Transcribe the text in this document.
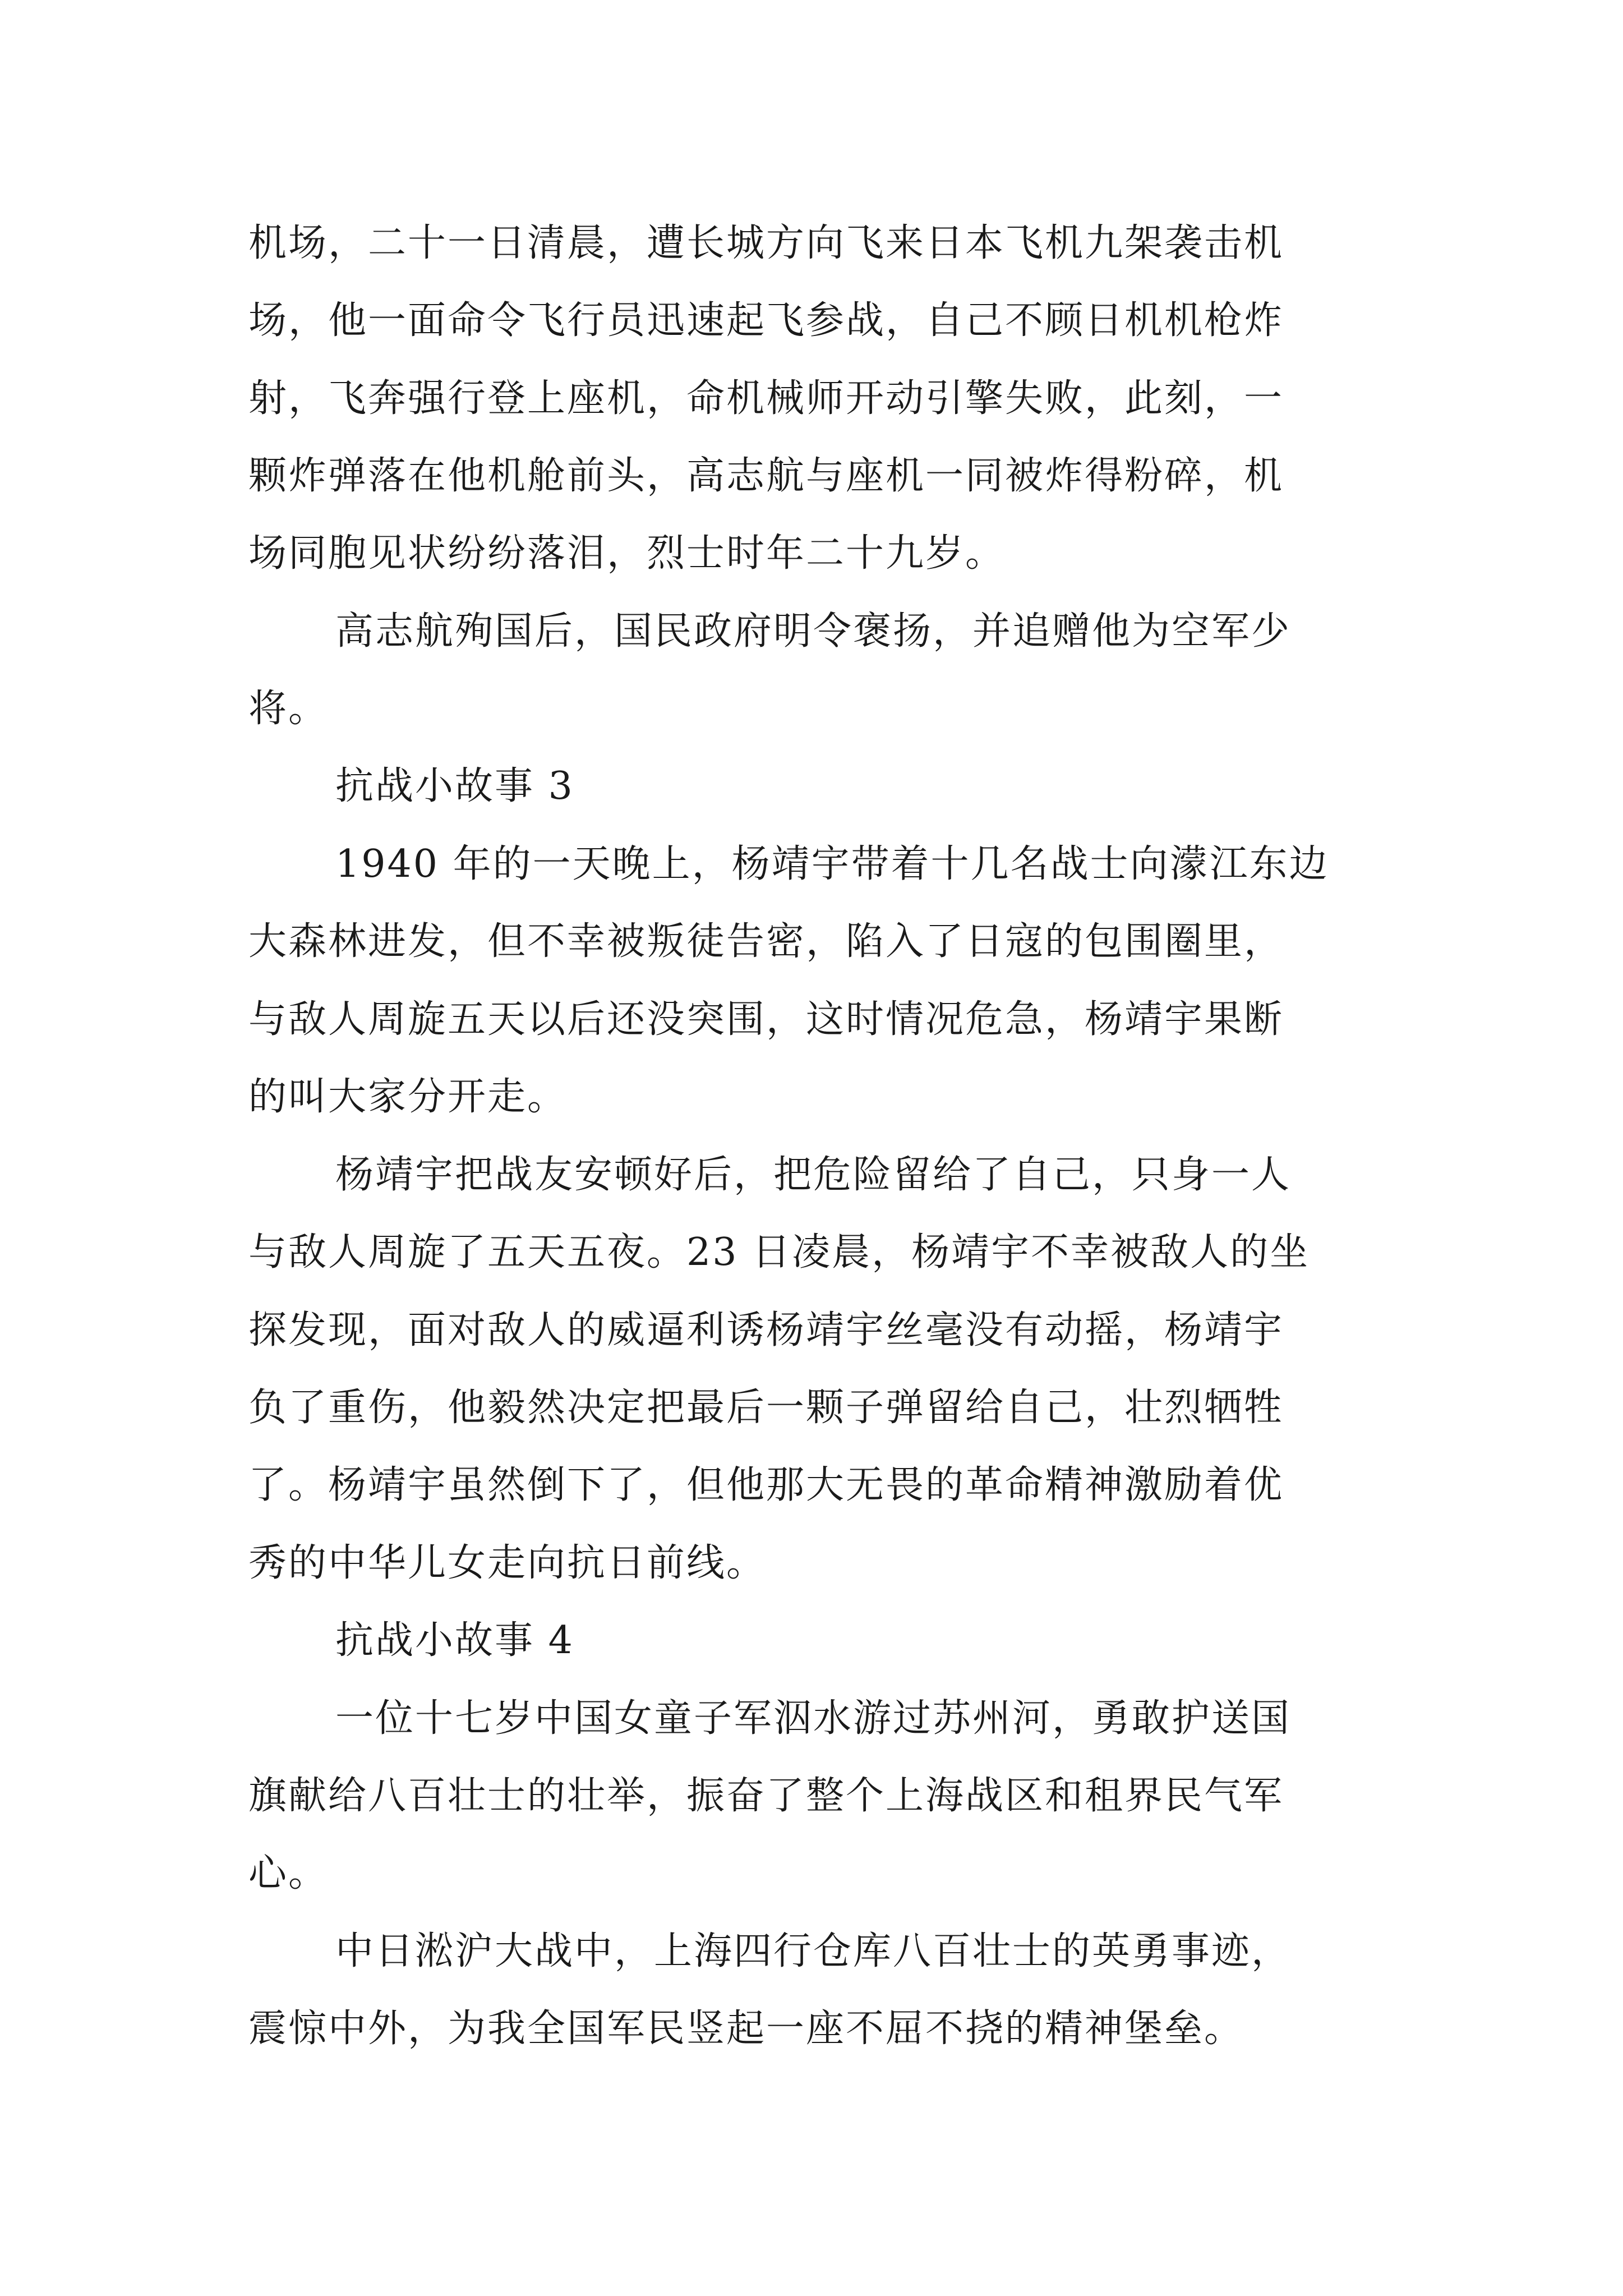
机场，二十一日清晨，遭长城方向飞来日本飞机九架袭击机
场，他一面命令飞行员迅速起飞参战，自己不顾日机机枪炸
射，飞奔强行登上座机，命机械师开动引擎失败，此刻，一
颗炸弹落在他机舱前头，高志航与座机一同被炸得粉碎，机
场同胞见状纷纷落泪，烈士时年二十九岁。
高志航殉国后，国民政府明令褒扬，并追赠他为空军少
将。
抗战小故事 3
1940 年的一天晚上，杨靖宇带着十几名战士向濛江东边
大森林进发，但不幸被叛徒告密，陷入了日寇的包围圈里，
与敌人周旋五天以后还没突围，这时情况危急，杨靖宇果断
的叫大家分开走。
杨靖宇把战友安顿好后，把危险留给了自己，只身一人
与敌人周旋了五天五夜。23 日凌晨，杨靖宇不幸被敌人的坐
探发现，面对敌人的威逼利诱杨靖宇丝毫没有动摇，杨靖宇
负了重伤，他毅然决定把最后一颗子弹留给自己，壮烈牺牲
了。杨靖宇虽然倒下了，但他那大无畏的革命精神激励着优
秀的中华儿女走向抗日前线。
抗战小故事 4
一位十七岁中国女童子军泅水游过苏州河，勇敢护送国
旗献给八百壮士的壮举，振奋了整个上海战区和租界民气军
心。
中日淞沪大战中，上海四行仓库八百壮士的英勇事迹，
震惊中外，为我全国军民竖起一座不屈不挠的精神堡垒。
